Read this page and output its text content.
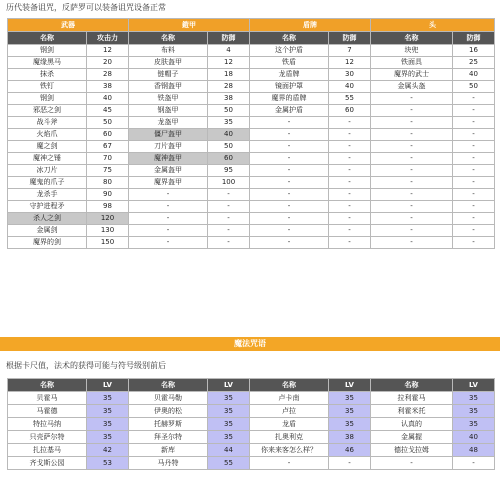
历代装备诅咒，反萨罗可以装备诅咒设备正常
武器		鎧甲		盾牌		头	
名称	攻击力	名称	防御	名称	防御	名称	防御
钢剑	12	布料	4	这个护盾	7	块兜	16
魔缘黑马	20	皮肤盔甲	12	铁盾	12	铁面具	25
抹杀	28	链帽子	18	龙盾牌	30	魔界的武士	40
铁钉	38	香钢盔甲	28	镜面护罩	40	金属头盔	50
钢剑	40	铁盔甲	38	魔界的盾牌	55	-	-
邪恶之剑	45	钢盔甲	50	金属护盾	60	-	-
战斗斧	50	龙盔甲	35	-	-	-	-
火焰爪	60	僵尸盔甲	40	-	-	-	-
魔之剑	67	刀片盔甲	50	-	-	-	-
魔神之锤	70	魔神盔甲	60	-	-	-	-
冰刀片	75	金属盔甲	95	-	-	-	-
魔鬼的爪子	80	魔界盔甲	100	-	-	-	-
龙杀手	90	-	-	-	-	-	-
守护进程矛	98	-	-	-	-	-	-
杀人之剑	120	-	-	-	-	-	-
金属剑	130	-	-	-	-	-	-
魔界的剑	150	-	-	-	-	-	-
魔法咒语
根据卡尺值，法术的获得可能与符号级别前后
名称	LV	名称	LV	名称	LV	名称	LV
贝霍马	35	贝霍马勒	35	卢卡南	35	拉利霍马	35
马霍德	35	伊奥的松	35	卢拉	35	利霍米托	35
特拉马纳	35	托赫罗斯	35	龙盾	35	认真的	35
只壳萨尔特	35	拜圣尔特	35	扎奥利克	38	金属握	40
扎拉基马	42	新库	44	你来来客怎么样？	46	德拉戈拉姆	48
齐戈斯公园	53	马丹特	55	-	-	-	-
